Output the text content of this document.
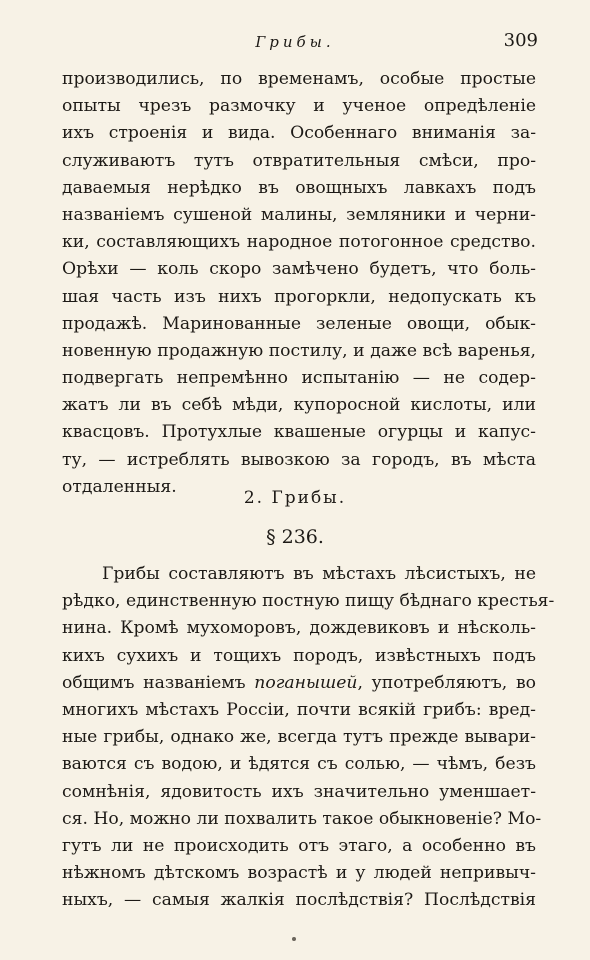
Грибы.	309
производились, по временамъ, особые простые
опыты чрезъ размочку и ученое опредѣленiе
ихъ строенiя и вида. Особеннаго вниманiя за-
служиваютъ тутъ отвратительныя смѣси, про-
даваемыя нерѣдко въ овощныхъ лавкахъ подъ
названiемъ сушеной малины, земляники и черни-
ки, составляющихъ народное потогонное средство.
Орѣхи — коль скоро замѣчено будетъ, что боль-
шая часть изъ нихъ прогоркли, недопускать къ
продажѣ. Маринованные зеленые овощи, обык-
новенную продажную постилу, и даже всѣ варенья,
подвергать непремѣнно испытанiю — не содер-
жатъ ли въ себѣ мѣди, купоросной кислоты, или
квасцовъ. Протухлые квашеные огурцы и капус-
ту, — истреблять вывозкою за городъ, въ мѣста
отдаленныя.
2. Грибы.
§ 236.
Грибы составляютъ въ мѣстахъ лѣсистыхъ, не
рѣдко, единственную постную пищу бѣднаго крестья-
нина. Кромѣ мухоморовъ, дождевиковъ и нѣсколь-
кихъ сухихъ и тощихъ породъ, извѣстныхъ подъ
общимъ названiемъ поганышей, употребляютъ, во
многихъ мѣстахъ Россiи, почти всякiй грибъ: вред-
ные грибы, однако же, всегда тутъ прежде вывари-
ваются съ водою, и ѣдятся съ солью, — чѣмъ, безъ
сомнѣнiя, ядовитость ихъ значительно уменшает-
ся. Но, можно ли похвалить такое обыкновенiе? Мо-
гутъ ли не происходить отъ этаго, а особенно въ
нѣжномъ дѣтскомъ возрастѣ и у людей непривыч-
ныхъ, — самыя жалкiя послѣдствiя? Послѣдствiя
